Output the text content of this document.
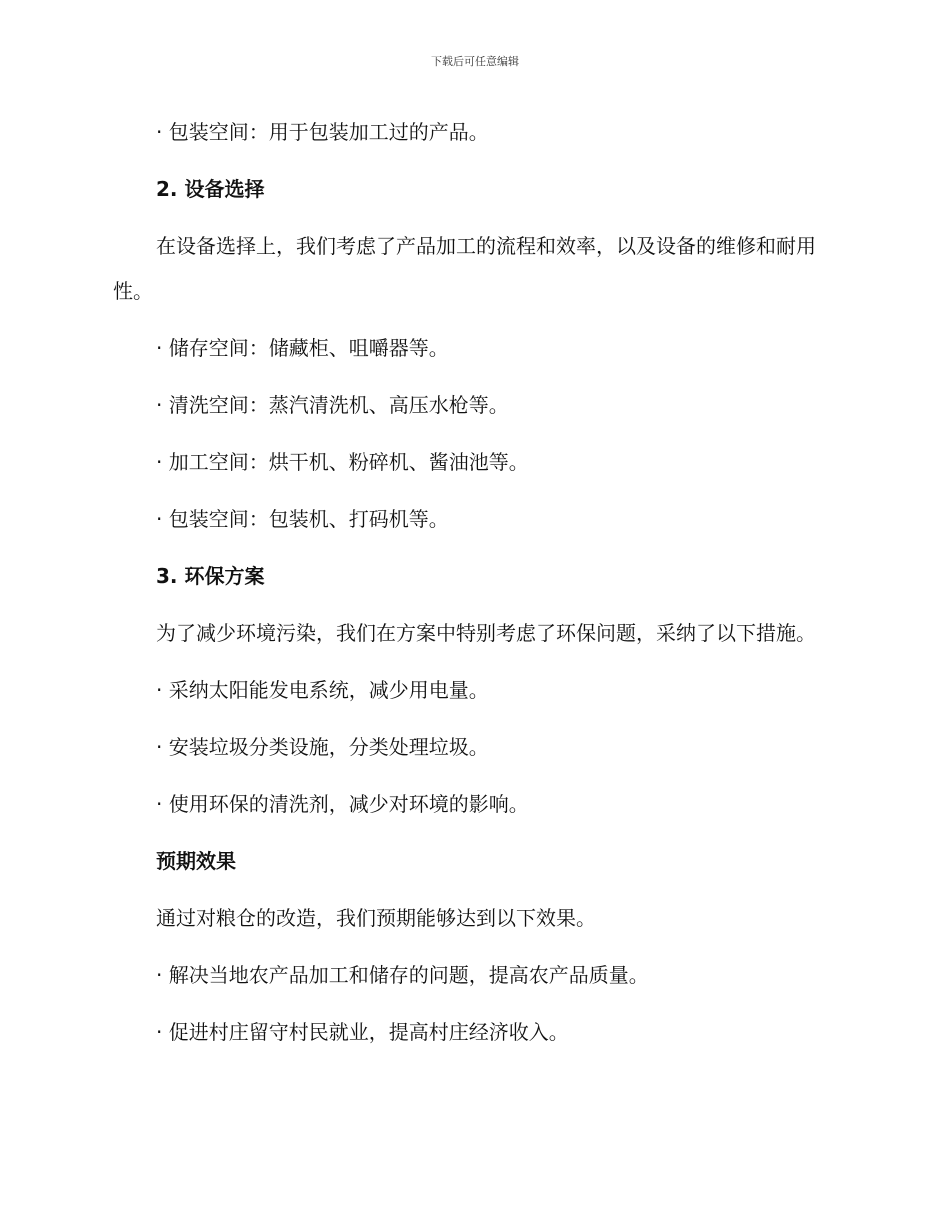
下载后可任意编辑
· 包装空间：用于包装加工过的产品。
2. 设备选择
在设备选择上，我们考虑了产品加工的流程和效率，以及设备的维修和耐用性。
· 储存空间：储藏柜、咀嚼器等。
· 清洗空间：蒸汽清洗机、高压水枪等。
· 加工空间：烘干机、粉碎机、酱油池等。
· 包装空间：包装机、打码机等。
3. 环保方案
为了减少环境污染，我们在方案中特别考虑了环保问题，采纳了以下措施。
· 采纳太阳能发电系统，减少用电量。
· 安装垃圾分类设施，分类处理垃圾。
· 使用环保的清洗剂，减少对环境的影响。
预期效果
通过对粮仓的改造，我们预期能够达到以下效果。
· 解决当地农产品加工和储存的问题，提高农产品质量。
· 促进村庄留守村民就业，提高村庄经济收入。
